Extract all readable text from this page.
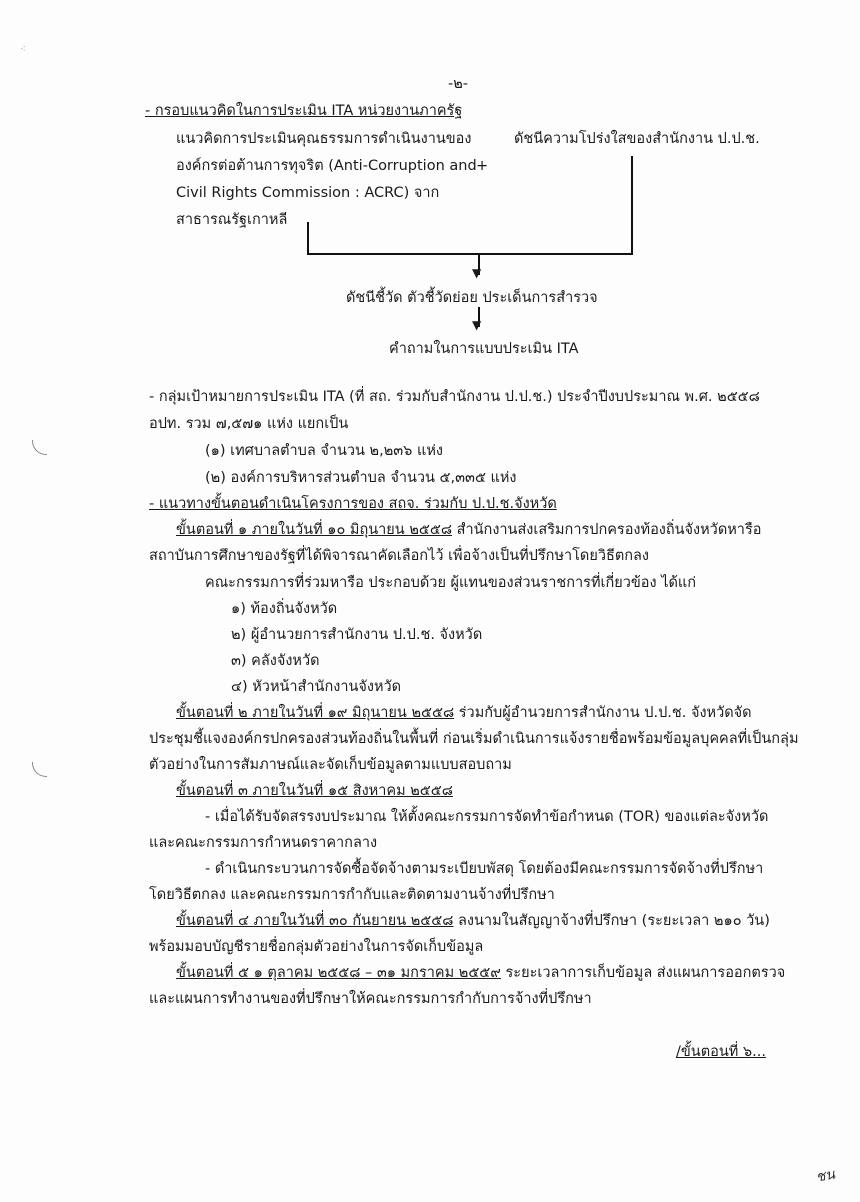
⁖
-๒-
- กรอบแนวคิดในการประเมิน ITA หน่วยงานภาครัฐ
แนวคิดการประเมินคุณธรรมการดำเนินงานของ
องค์กรต่อต้านการทุจริต (Anti-Corruption and
Civil Rights Commission : ACRC) จาก
สาธารณรัฐเกาหลี
+
ดัชนีความโปร่งใสของสำนักงาน ป.ป.ช.
▼
ดัชนีชี้วัด ตัวชี้วัดย่อย ประเด็นการสำรวจ
▼
คำถามในการแบบประเมิน ITA
- กลุ่มเป้าหมายการประเมิน ITA (ที่ สถ. ร่วมกับสำนักงาน ป.ป.ช.) ประจำปีงบประมาณ พ.ศ. ๒๕๕๘
อปท. รวม ๗,๕๗๑ แห่ง แยกเป็น
(๑) เทศบาลตำบล จำนวน ๒,๒๓๖ แห่ง
(๒) องค์การบริหารส่วนตำบล จำนวน ๕,๓๓๕ แห่ง
- แนวทางขั้นตอนดำเนินโครงการของ สถจ. ร่วมกับ ป.ป.ช.จังหวัด
ขั้นตอนที่ ๑ ภายในวันที่ ๑๐ มิถุนายน ๒๕๕๘ สำนักงานส่งเสริมการปกครองท้องถิ่นจังหวัดหารือ
สถาบันการศึกษาของรัฐที่ได้พิจารณาคัดเลือกไว้ เพื่อจ้างเป็นที่ปรึกษาโดยวิธีตกลง
คณะกรรมการที่ร่วมหารือ ประกอบด้วย ผู้แทนของส่วนราชการที่เกี่ยวข้อง ได้แก่
๑) ท้องถิ่นจังหวัด
๒) ผู้อำนวยการสำนักงาน ป.ป.ช. จังหวัด
๓) คลังจังหวัด
๔) หัวหน้าสำนักงานจังหวัด
ขั้นตอนที่ ๒ ภายในวันที่ ๑๙ มิถุนายน ๒๕๕๘ ร่วมกับผู้อำนวยการสำนักงาน ป.ป.ช. จังหวัดจัด
ประชุมชี้แจงองค์กรปกครองส่วนท้องถิ่นในพื้นที่ ก่อนเริ่มดำเนินการแจ้งรายชื่อพร้อมข้อมูลบุคคลที่เป็นกลุ่ม
ตัวอย่างในการสัมภาษณ์และจัดเก็บข้อมูลตามแบบสอบถาม
ขั้นตอนที่ ๓ ภายในวันที่ ๑๕ สิงหาคม ๒๕๕๘
- เมื่อได้รับจัดสรรงบประมาณ ให้ตั้งคณะกรรมการจัดทำข้อกำหนด (TOR) ของแต่ละจังหวัด
และคณะกรรมการกำหนดราคากลาง
- ดำเนินกระบวนการจัดซื้อจัดจ้างตามระเบียบพัสดุ โดยต้องมีคณะกรรมการจัดจ้างที่ปรึกษา
โดยวิธีตกลง และคณะกรรมการกำกับและติดตามงานจ้างที่ปรึกษา
ขั้นตอนที่ ๔ ภายในวันที่ ๓๐ กันยายน ๒๕๕๘ ลงนามในสัญญาจ้างที่ปรึกษา (ระยะเวลา ๒๑๐ วัน)
พร้อมมอบบัญชีรายชื่อกลุ่มตัวอย่างในการจัดเก็บข้อมูล
ขั้นตอนที่ ๕ ๑ ตุลาคม ๒๕๕๘ – ๓๑ มกราคม ๒๕๕๙ ระยะเวลาการเก็บข้อมูล ส่งแผนการออกตรวจ
และแผนการทำงานของที่ปรึกษาให้คณะกรรมการกำกับการจ้างที่ปรึกษา
/ขั้นตอนที่ ๖...
ชน
